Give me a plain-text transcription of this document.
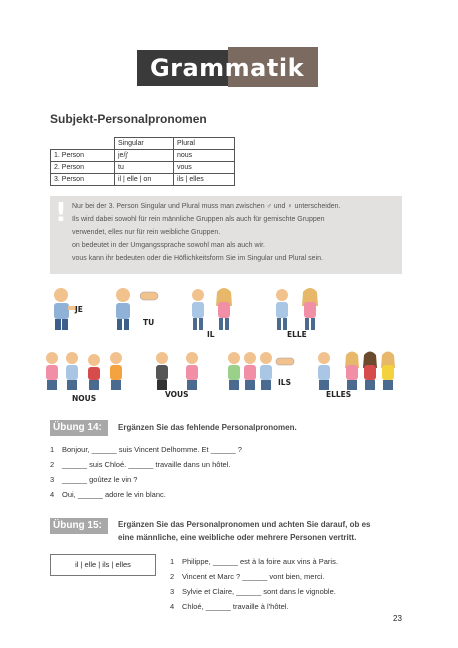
Grammatik
Subjekt-Personalpronomen
	Singular	Plural
1. Person	je/j'	nous
2. Person	tu	vous
3. Person	il | elle | on	ils | elles
! Nur bei der 3. Person Singular und Plural muss man zwischen ♂ und ♀ unterscheiden.
Ils wird dabei sowohl für rein männliche Gruppen als auch für gemischte Gruppen
verwendet, elles nur für rein weibliche Gruppen.
on bedeutet in der Umgangssprache sowohl man als auch wir.
vous kann ihr bedeuten oder die Höflichkeitsform Sie im Singular und Plural sein.
JE
TU
IL	ELLE
NOUS	VOUS
ILS
ELLES
Übung 14: Ergänzen Sie das fehlende Personalpronomen.
1 Bonjour, ______ suis Vincent Delhomme. Et ______ ?
2 ______ suis Chloé. ______ travaille dans un hôtel.
3 ______ goûtez le vin ?
4 Oui, ______ adore le vin blanc.
Übung 15: Ergänzen Sie das Personalpronomen und achten Sie darauf, ob es
eine männliche, eine weibliche oder mehrere Personen vertritt.
il | elle | ils | elles	1 Philippe, ______ est à la foire aux vins à Paris.
2 Vincent et Marc ? ______ vont bien, merci.
3 Sylvie et Claire, ______ sont dans le vignoble.
4 Chloé, ______ travaille à l'hôtel.
23
